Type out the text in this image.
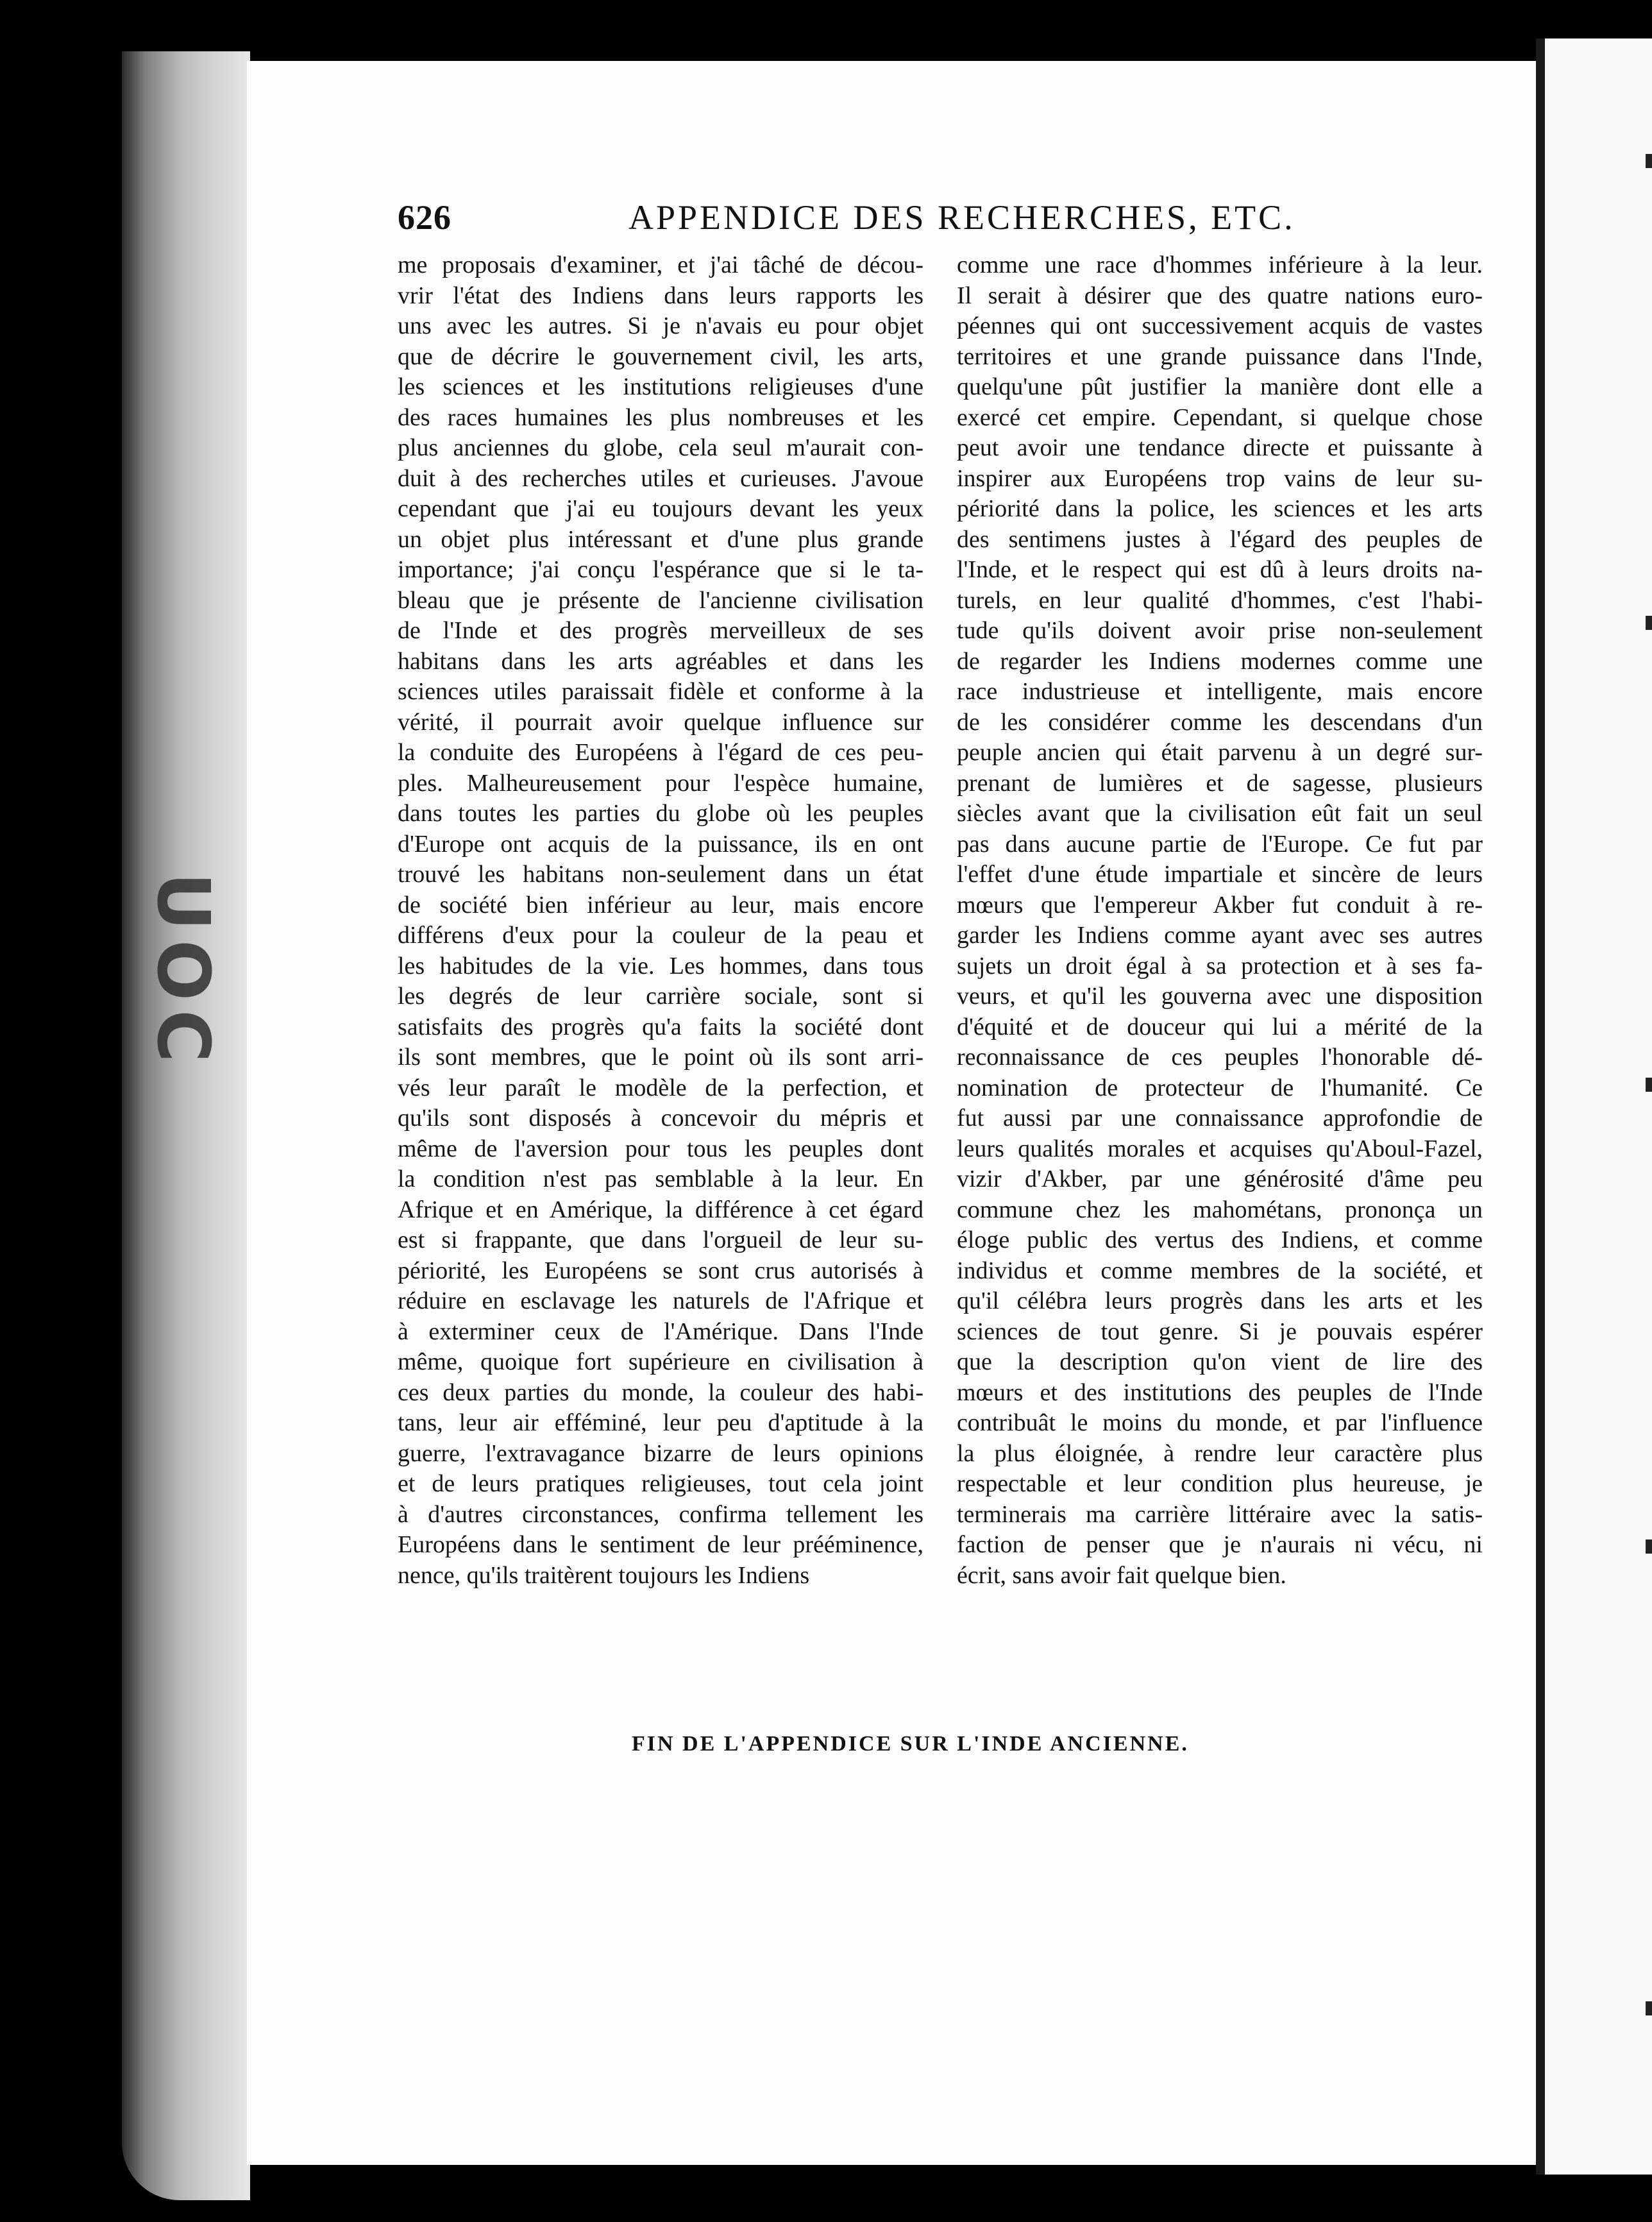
UOC
626	APPENDICE DES RECHERCHES, ETC.
me proposais d'examiner, et j'ai tâché de décou-
vrir l'état des Indiens dans leurs rapports les
uns avec les autres. Si je n'avais eu pour objet
que de décrire le gouvernement civil, les arts,
les sciences et les institutions religieuses d'une
des races humaines les plus nombreuses et les
plus anciennes du globe, cela seul m'aurait con-
duit à des recherches utiles et curieuses. J'avoue
cependant que j'ai eu toujours devant les yeux
un objet plus intéressant et d'une plus grande
importance; j'ai conçu l'espérance que si le ta-
bleau que je présente de l'ancienne civilisation
de l'Inde et des progrès merveilleux de ses
habitans dans les arts agréables et dans les
sciences utiles paraissait fidèle et conforme à la
vérité, il pourrait avoir quelque influence sur
la conduite des Européens à l'égard de ces peu-
ples. Malheureusement pour l'espèce humaine,
dans toutes les parties du globe où les peuples
d'Europe ont acquis de la puissance, ils en ont
trouvé les habitans non-seulement dans un état
de société bien inférieur au leur, mais encore
différens d'eux pour la couleur de la peau et
les habitudes de la vie. Les hommes, dans tous
les degrés de leur carrière sociale, sont si
satisfaits des progrès qu'a faits la société dont
ils sont membres, que le point où ils sont arri-
vés leur paraît le modèle de la perfection, et
qu'ils sont disposés à concevoir du mépris et
même de l'aversion pour tous les peuples dont
la condition n'est pas semblable à la leur. En
Afrique et en Amérique, la différence à cet égard
est si frappante, que dans l'orgueil de leur su-
périorité, les Européens se sont crus autorisés à
réduire en esclavage les naturels de l'Afrique et
à exterminer ceux de l'Amérique. Dans l'Inde
même, quoique fort supérieure en civilisation à
ces deux parties du monde, la couleur des habi-
tans, leur air efféminé, leur peu d'aptitude à la
guerre, l'extravagance bizarre de leurs opinions
et de leurs pratiques religieuses, tout cela joint
à d'autres circonstances, confirma tellement les
Européens dans le sentiment de leur prééminence,
nence, qu'ils traitèrent toujours les Indiens
comme une race d'hommes inférieure à la leur.
Il serait à désirer que des quatre nations euro-
péennes qui ont successivement acquis de vastes
territoires et une grande puissance dans l'Inde,
quelqu'une pût justifier la manière dont elle a
exercé cet empire. Cependant, si quelque chose
peut avoir une tendance directe et puissante à
inspirer aux Européens trop vains de leur su-
périorité dans la police, les sciences et les arts
des sentimens justes à l'égard des peuples de
l'Inde, et le respect qui est dû à leurs droits na-
turels, en leur qualité d'hommes, c'est l'habi-
tude qu'ils doivent avoir prise non-seulement
de regarder les Indiens modernes comme une
race industrieuse et intelligente, mais encore
de les considérer comme les descendans d'un
peuple ancien qui était parvenu à un degré sur-
prenant de lumières et de sagesse, plusieurs
siècles avant que la civilisation eût fait un seul
pas dans aucune partie de l'Europe. Ce fut par
l'effet d'une étude impartiale et sincère de leurs
mœurs que l'empereur Akber fut conduit à re-
garder les Indiens comme ayant avec ses autres
sujets un droit égal à sa protection et à ses fa-
veurs, et qu'il les gouverna avec une disposition
d'équité et de douceur qui lui a mérité de la
reconnaissance de ces peuples l'honorable dé-
nomination de protecteur de l'humanité. Ce
fut aussi par une connaissance approfondie de
leurs qualités morales et acquises qu'Aboul-Fazel,
vizir d'Akber, par une générosité d'âme peu
commune chez les mahométans, prononça un
éloge public des vertus des Indiens, et comme
individus et comme membres de la société, et
qu'il célébra leurs progrès dans les arts et les
sciences de tout genre. Si je pouvais espérer
que la description qu'on vient de lire des
mœurs et des institutions des peuples de l'Inde
contribuât le moins du monde, et par l'influence
la plus éloignée, à rendre leur caractère plus
respectable et leur condition plus heureuse, je
terminerais ma carrière littéraire avec la satis-
faction de penser que je n'aurais ni vécu, ni
écrit, sans avoir fait quelque bien.
FIN DE L'APPENDICE SUR L'INDE ANCIENNE.
